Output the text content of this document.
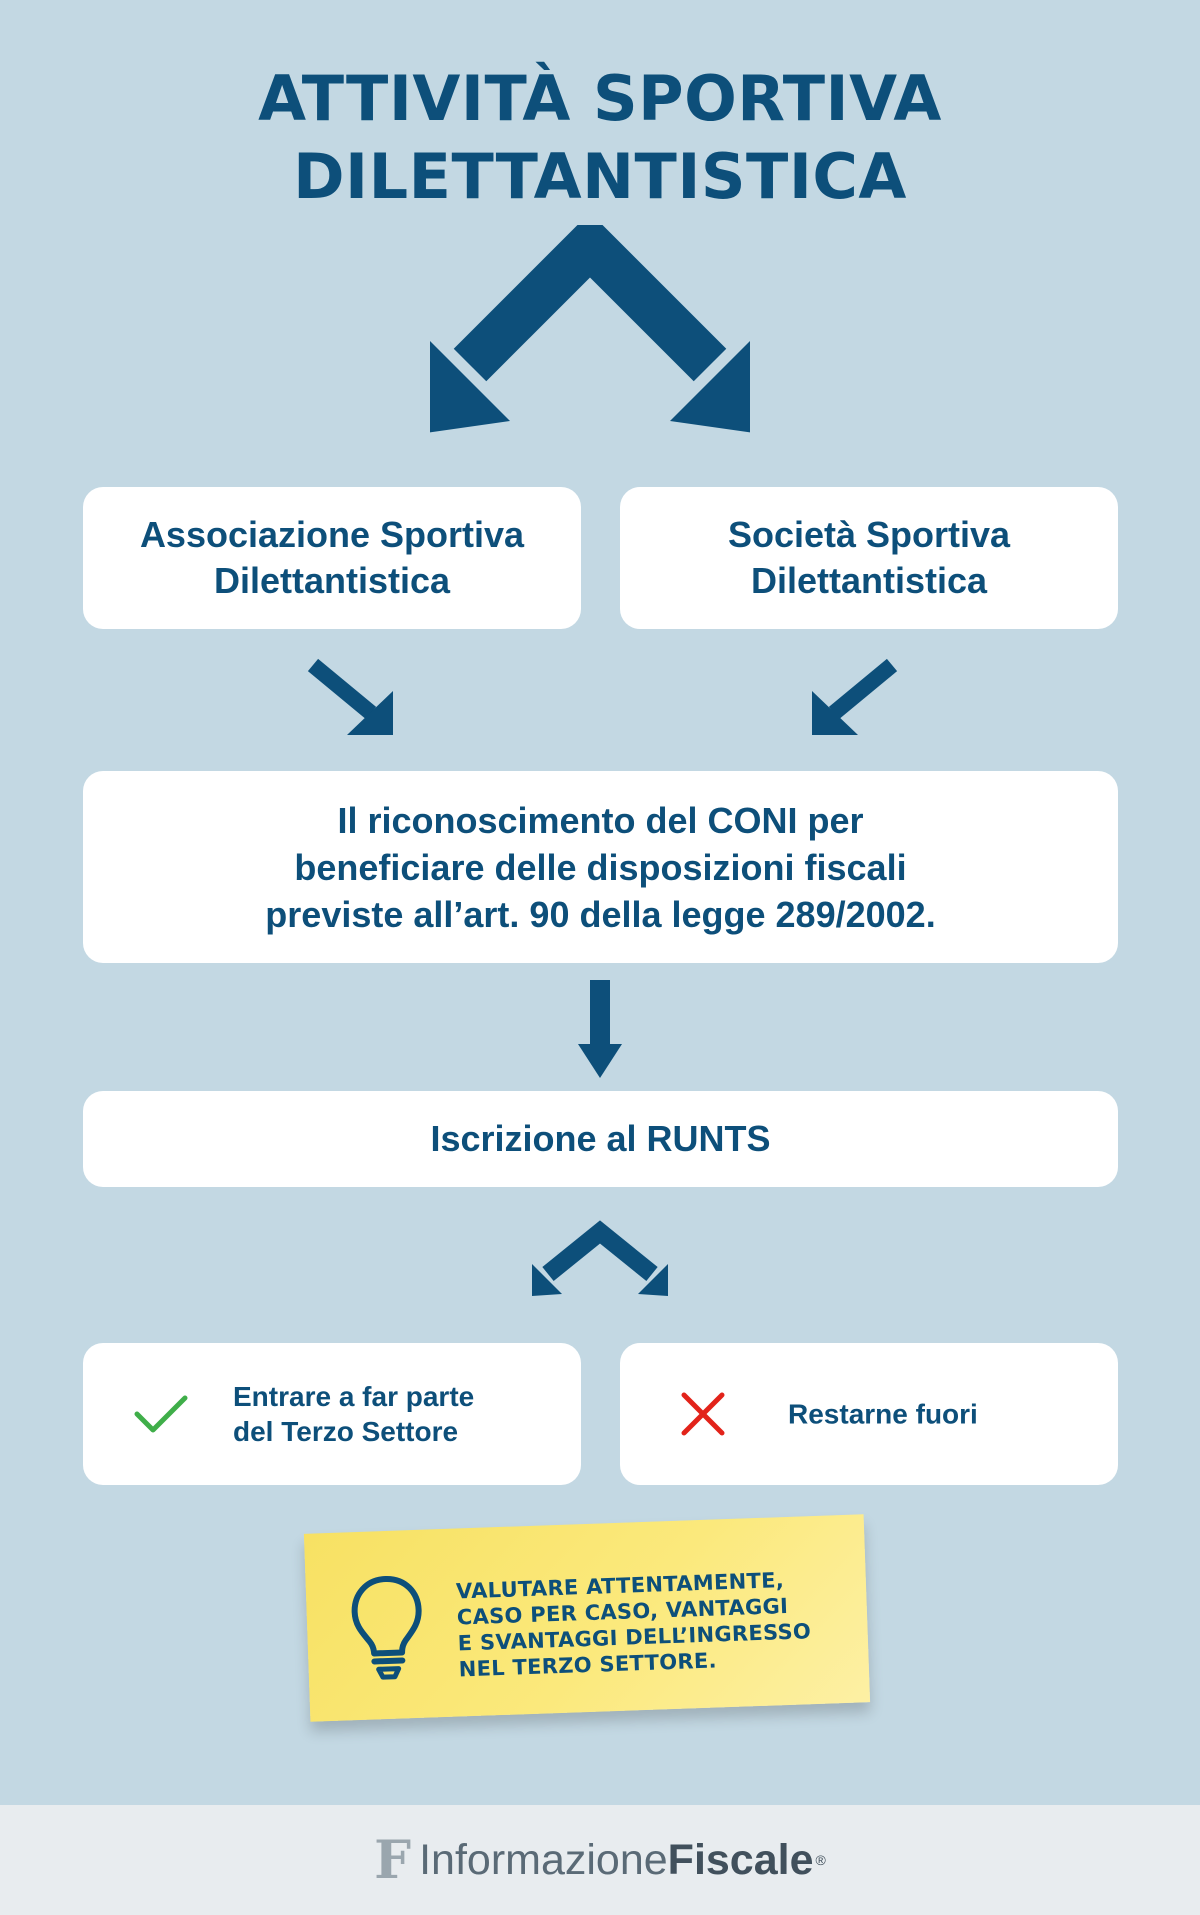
ATTIVITÀ SPORTIVA
DILETTANTISTICA
Associazione Sportiva
Dilettantistica
Società Sportiva
Dilettantistica
Il riconoscimento del CONI per
beneficiare delle disposizioni fiscali
previste all’art. 90 della legge 289/2002.
Iscrizione al RUNTS
Entrare a far parte
del Terzo Settore
Restarne fuori
VALUTARE ATTENTAMENTE,
CASO PER CASO, VANTAGGI
E SVANTAGGI DELL’INGRESSO
NEL TERZO SETTORE.
F Informazione Fiscale ®
